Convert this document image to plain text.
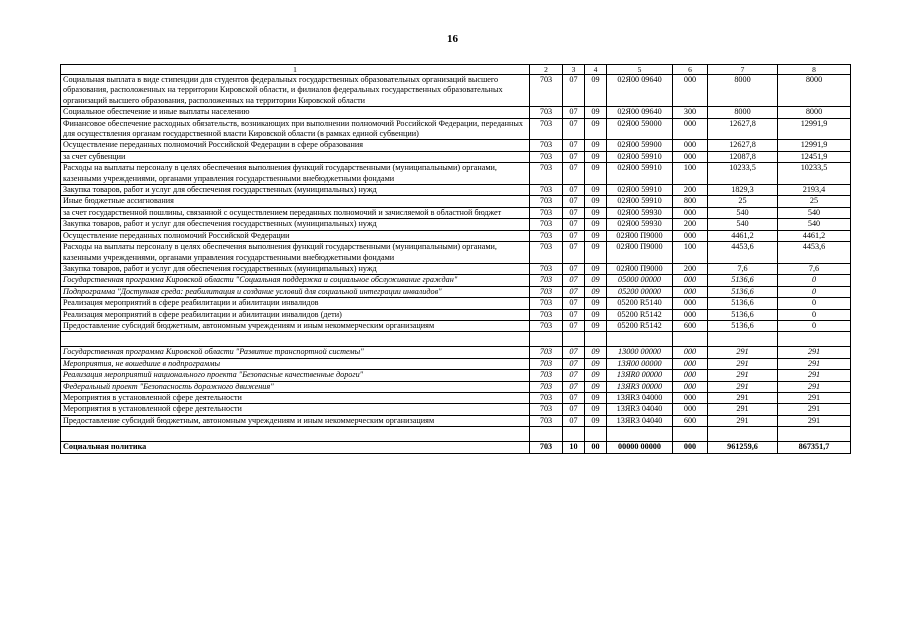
16
1	2	3	4	5	6	7	8
Социальная выплата в виде стипендии для студентов федеральных государственных образовательных организаций высшего образования, расположенных на территории Кировской области, и филиалов федеральных государственных образовательных организаций высшего образования, расположенных на территории Кировской области	703	07	09	02Я00 09640	000	8000	8000
Социальное обеспечение и иные выплаты населению	703	07	09	02Я00 09640	300	8000	8000
Финансовое обеспечение расходных обязательств, возникающих при выполнении полномочий Российской Федерации, переданных для осуществления органам государственной власти Кировской области (в рамках единой субвенции)	703	07	09	02Я00 59000	000	12627,8	12991,9
Осуществление переданных полномочий Российской Федерации в сфере образования	703	07	09	02Я00 59900	000	12627,8	12991,9
за счет субвенции	703	07	09	02Я00 59910	000	12087,8	12451,9
Расходы на выплаты персоналу в целях обеспечения выполнения функций государственными (муниципальными) органами, казенными учреждениями, органами управления государственными внебюджетными фондами	703	07	09	02Я00 59910	100	10233,5	10233,5
Закупка товаров, работ и услуг для обеспечения государственных (муниципальных) нужд	703	07	09	02Я00 59910	200	1829,3	2193,4
Иные бюджетные ассигнования	703	07	09	02Я00 59910	800	25	25
за счет государственной пошлины, связанной с осуществлением переданных полномочий и зачисляемой в областной бюджет	703	07	09	02Я00 59930	000	540	540
Закупка товаров, работ и услуг для обеспечения государственных (муниципальных) нужд	703	07	09	02Я00 59930	200	540	540
Осуществление переданных полномочий Российской Федерации	703	07	09	02Я00 П9000	000	4461,2	4461,2
Расходы на выплаты персоналу в целях обеспечения выполнения функций государственными (муниципальными) органами, казенными учреждениями, органами управления государственными внебюджетными фондами	703	07	09	02Я00 П9000	100	4453,6	4453,6
Закупка товаров, работ и услуг для обеспечения государственных (муниципальных) нужд	703	07	09	02Я00 П9000	200	7,6	7,6
Государственная программа Кировской области "Социальная поддержка и социальное обслуживание граждан"	703	07	09	05000 00000	000	5136,6	0
Подпрограмма "Доступная среда: реабилитация и создание условий для социальной интеграции инвалидов"	703	07	09	05200 00000	000	5136,6	0
Реализация мероприятий в сфере реабилитации и абилитации инвалидов	703	07	09	05200 R5140	000	5136,6	0
Реализация мероприятий в сфере реабилитации и абилитации инвалидов (дети)	703	07	09	05200 R5142	000	5136,6	0
Предоставление субсидий бюджетным, автономным учреждениям и иным некоммерческим организациям	703	07	09	05200 R5142	600	5136,6	0

Государственная программа Кировской области "Развитие транспортной системы"	703	07	09	13000 00000	000	291	291
Мероприятия, не вошедшие в подпрограммы	703	07	09	13Я00 00000	000	291	291
Реализация мероприятий национального проекта "Безопасные качественные дороги"	703	07	09	13ЯR0 00000	000	291	291
Федеральный проект "Безопасность дорожного движения"	703	07	09	13ЯR3 00000	000	291	291
Мероприятия в установленной сфере деятельности	703	07	09	13ЯR3 04000	000	291	291
Мероприятия в установленной сфере деятельности	703	07	09	13ЯR3 04040	000	291	291
Предоставление субсидий бюджетным, автономным учреждениям и иным некоммерческим организациям	703	07	09	13ЯR3 04040	600	291	291

Социальная политика	703	10	00	00000 00000	000	961259,6	867351,7
